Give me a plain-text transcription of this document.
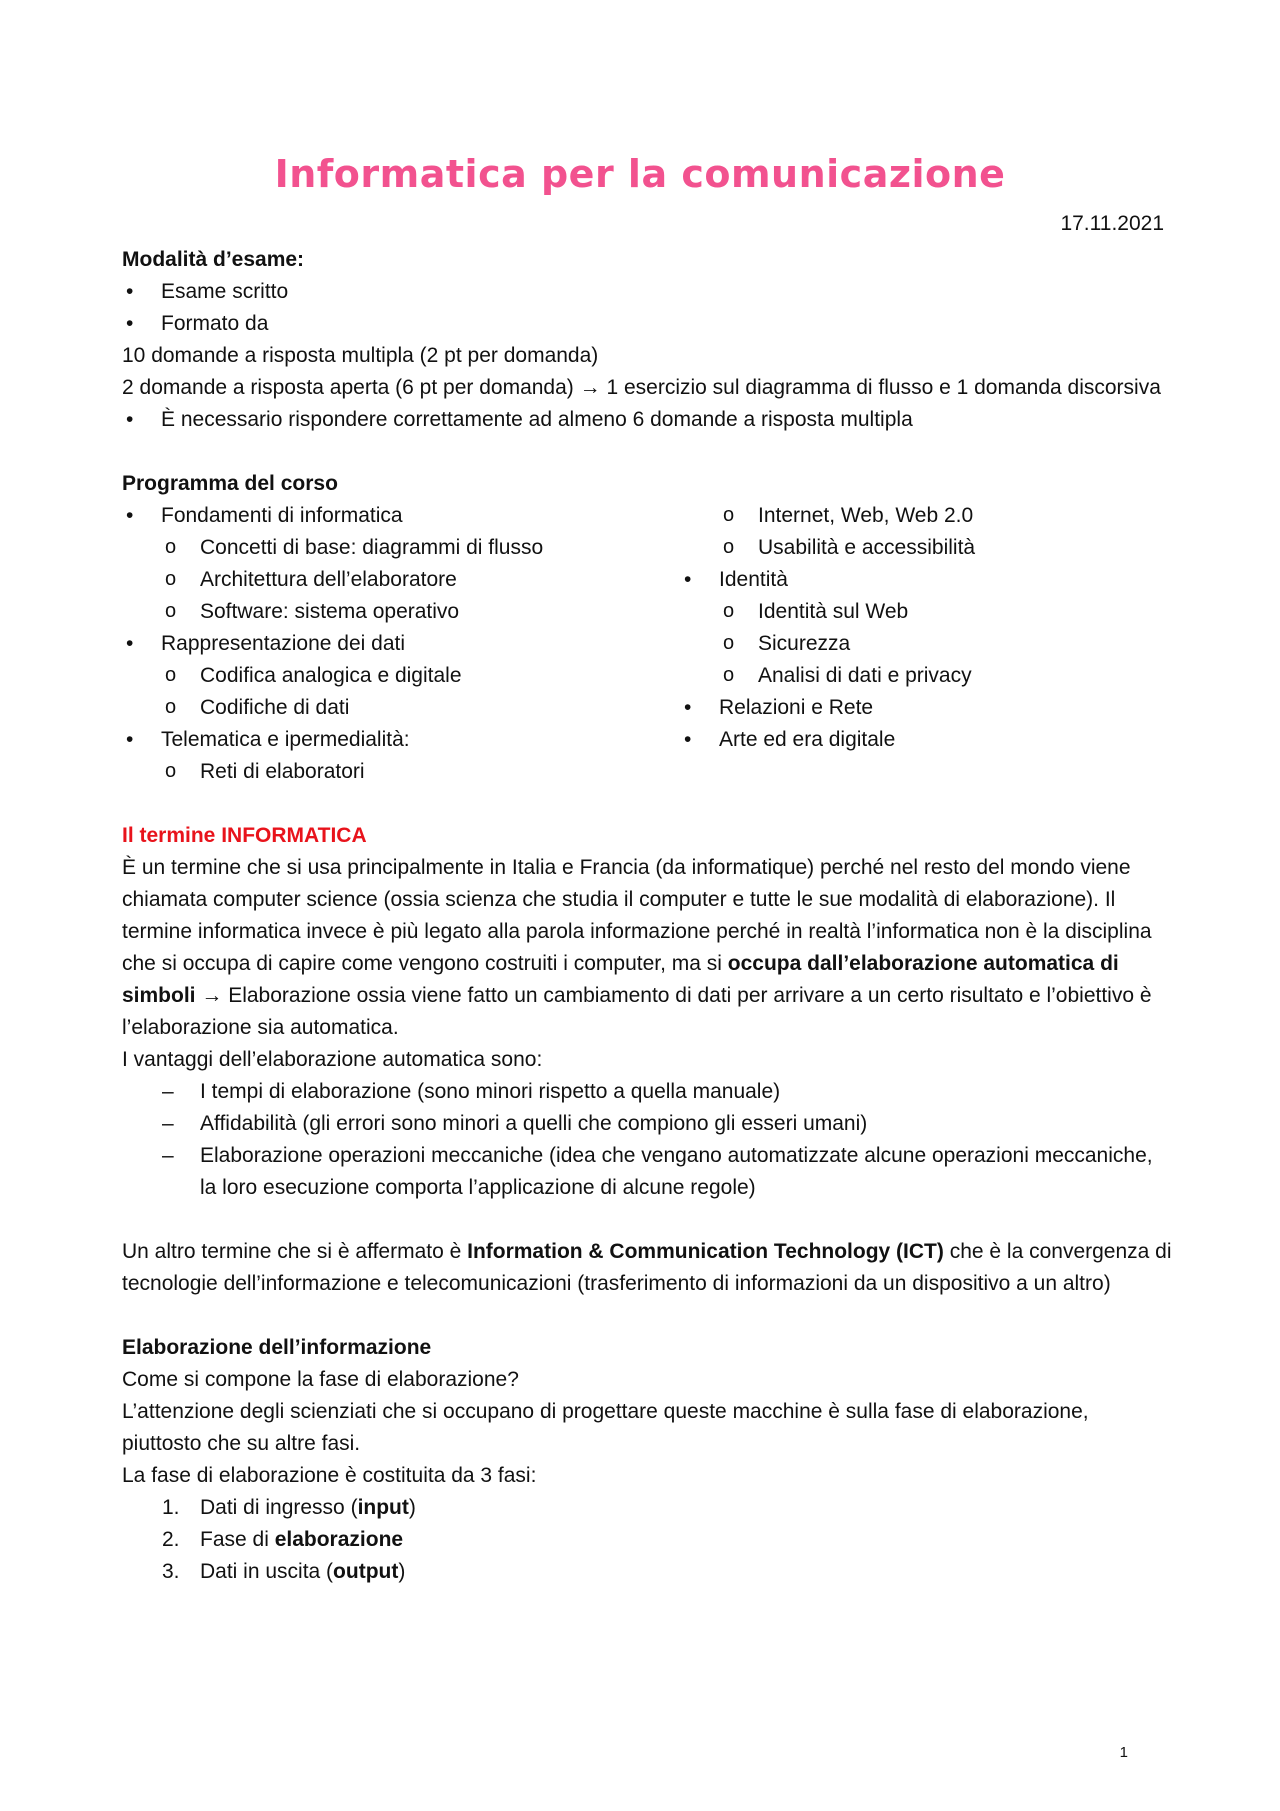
Informatica per la comunicazione
17.11.2021
Modalità d’esame:
• Esame scritto
• Formato da
10 domande a risposta multipla (2 pt per domanda)
2 domande a risposta aperta (6 pt per domanda) → 1 esercizio sul diagramma di flusso e 1 domanda discorsiva
• È necessario rispondere correttamente ad almeno 6 domande a risposta multipla
Programma del corso
• Fondamenti di informatica
o Concetti di base: diagrammi di flusso
o Architettura dell’elaboratore
o Software: sistema operativo
• Rappresentazione dei dati
o Codifica analogica e digitale
o Codifiche di dati
• Telematica e ipermedialità:
o Reti di elaboratori
o Internet, Web, Web 2.0
o Usabilità e accessibilità
• Identità
o Identità sul Web
o Sicurezza
o Analisi di dati e privacy
• Relazioni e Rete
• Arte ed era digitale
Il termine INFORMATICA
È un termine che si usa principalmente in Italia e Francia (da informatique) perché nel resto del mondo viene chiamata computer science (ossia scienza che studia il computer e tutte le sue modalità di elaborazione). Il termine informatica invece è più legato alla parola informazione perché in realtà l’informatica non è la disciplina che si occupa di capire come vengono costruiti i computer, ma si occupa dall’elaborazione automatica di simboli → Elaborazione ossia viene fatto un cambiamento di dati per arrivare a un certo risultato e l’obiettivo è l’elaborazione sia automatica.
I vantaggi dell’elaborazione automatica sono:
– I tempi di elaborazione (sono minori rispetto a quella manuale)
– Affidabilità (gli errori sono minori a quelli che compiono gli esseri umani)
– Elaborazione operazioni meccaniche (idea che vengano automatizzate alcune operazioni meccaniche, la loro esecuzione comporta l’applicazione di alcune regole)
Un altro termine che si è affermato è Information & Communication Technology (ICT) che è la convergenza di tecnologie dell’informazione e telecomunicazioni (trasferimento di informazioni da un dispositivo a un altro)
Elaborazione dell’informazione
Come si compone la fase di elaborazione?
L’attenzione degli scienziati che si occupano di progettare queste macchine è sulla fase di elaborazione, piuttosto che su altre fasi.
La fase di elaborazione è costituita da 3 fasi:
1. Dati di ingresso (input)
2. Fase di elaborazione
3. Dati in uscita (output)
1
